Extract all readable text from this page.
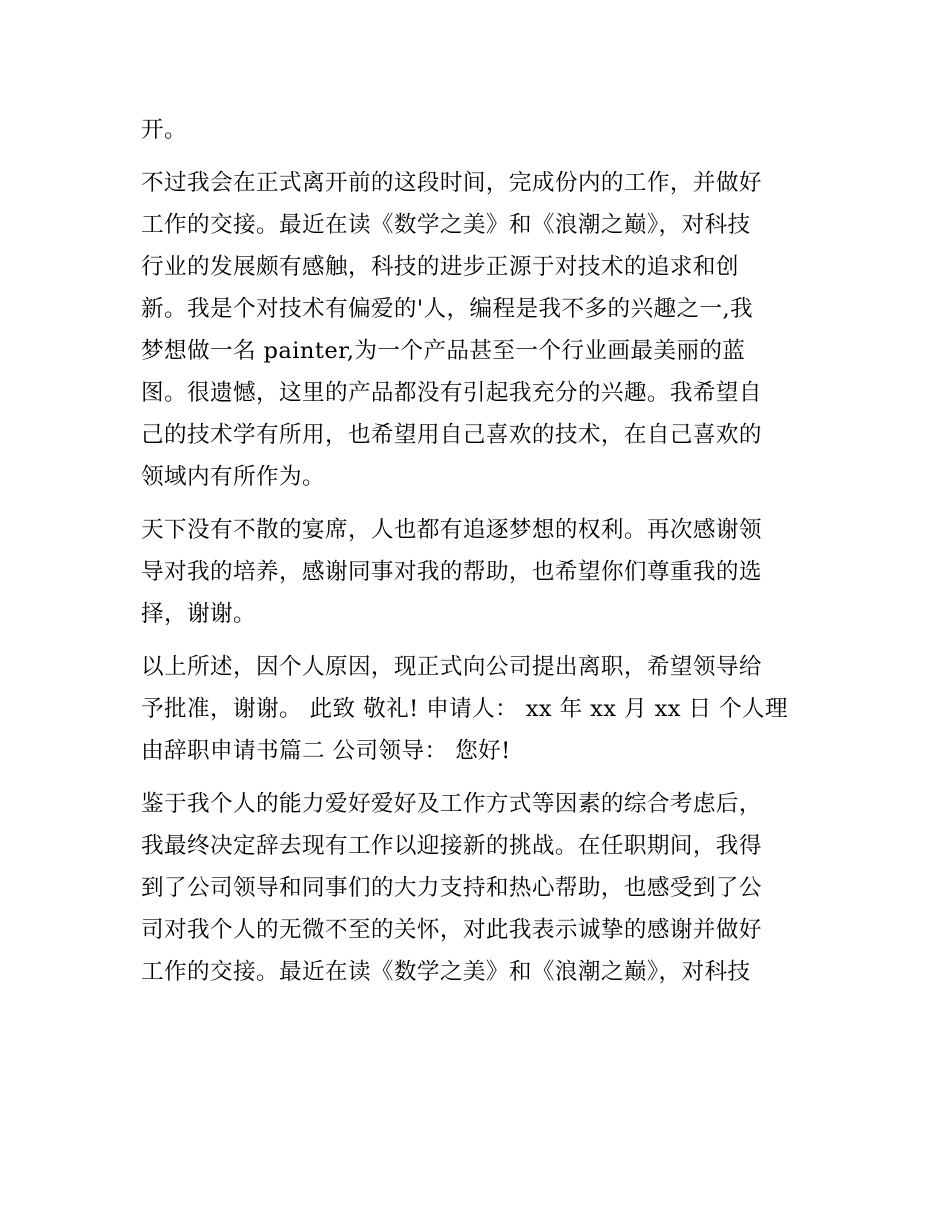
开。
不过我会在正式离开前的这段时间，完成份内的工作，并做好
工作的交接。最近在读《数学之美》和《浪潮之巅》，对科技
行业的发展颇有感触，科技的进步正源于对技术的追求和创
新。我是个对技术有偏爱的'人，编程是我不多的兴趣之一,我
梦想做一名 painter,为一个产品甚至一个行业画最美丽的蓝
图。很遗憾，这里的产品都没有引起我充分的兴趣。我希望自
己的技术学有所用，也希望用自己喜欢的技术，在自己喜欢的
领域内有所作为。
天下没有不散的宴席，人也都有追逐梦想的权利。再次感谢领
导对我的培养，感谢同事对我的帮助，也希望你们尊重我的选
择，谢谢。
以上所述，因个人原因，现正式向公司提出离职，希望领导给
予批准，谢谢。 此致 敬礼! 申请人： xx 年 xx 月 xx 日 个人理
由辞职申请书篇二 公司领导： 您好!
鉴于我个人的能力爱好爱好及工作方式等因素的综合考虑后，
我最终决定辞去现有工作以迎接新的挑战。在任职期间，我得
到了公司领导和同事们的大力支持和热心帮助，也感受到了公
司对我个人的无微不至的关怀，对此我表示诚挚的感谢并做好
工作的交接。最近在读《数学之美》和《浪潮之巅》，对科技
